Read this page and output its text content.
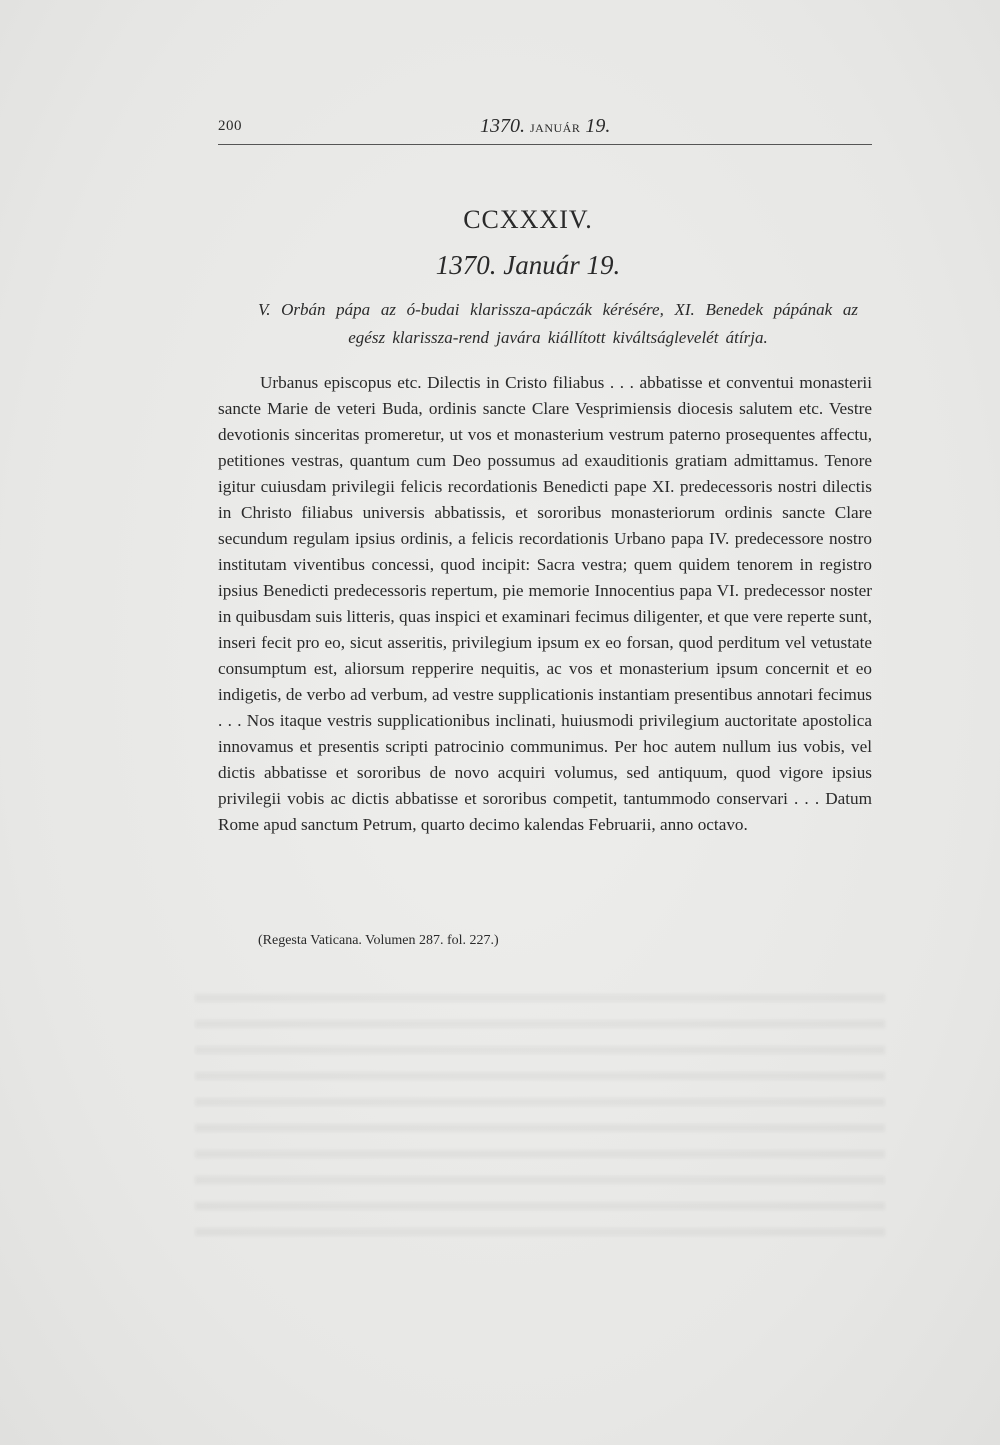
200	1370. JANUÁR 19.
CCXXXIV.
1370. Január 19.
V. Orbán pápa az ó-budai klarissza-apáczák kérésére, XI. Benedek pápának az egész klarissza-rend javára kiállított kiváltságlevelét átírja.

Urbanus episcopus etc. Dilectis in Cristo filiabus . . . abbatisse et conventui monasterii sancte Marie de veteri Buda, ordinis sancte Clare Vesprimiensis diocesis salutem etc. Vestre devotionis sinceritas promeretur, ut vos et monasterium vestrum paterno prosequentes affectu, petitiones vestras, quantum cum Deo possumus ad exauditionis gratiam admittamus. Tenore igitur cuiusdam privilegii felicis recordationis Benedicti pape XI. predecessoris nostri dilectis in Christo filiabus universis abbatissis, et sororibus monasteriorum ordinis sancte Clare secundum regulam ipsius ordinis, a felicis recordationis Urbano papa IV. predecessore nostro institutam viventibus concessi, quod incipit: Sacra vestra; quem quidem tenorem in registro ipsius Benedicti predecessoris repertum, pie memorie Innocentius papa VI. predecessor noster in quibusdam suis litteris, quas inspici et examinari fecimus diligenter, et que vere reperte sunt, inseri fecit pro eo, sicut asseritis, privilegium ipsum ex eo forsan, quod perditum vel vetustate consumptum est, aliorsum repperire nequitis, ac vos et monasterium ipsum concernit et eo indigetis, de verbo ad verbum, ad vestre supplicationis instantiam presentibus annotari fecimus . . . Nos itaque vestris supplicationibus inclinati, huiusmodi privilegium auctoritate apostolica innovamus et presentis scripti patrocinio communimus. Per hoc autem nullum ius vobis, vel dictis abbatisse et sororibus de novo acquiri volumus, sed antiquum, quod vigore ipsius privilegii vobis ac dictis abbatisse et sororibus competit, tantummodo conservari . . . Datum Rome apud sanctum Petrum, quarto decimo kalendas Februarii, anno octavo.

(Regesta Vaticana. Volumen 287. fol. 227.)
